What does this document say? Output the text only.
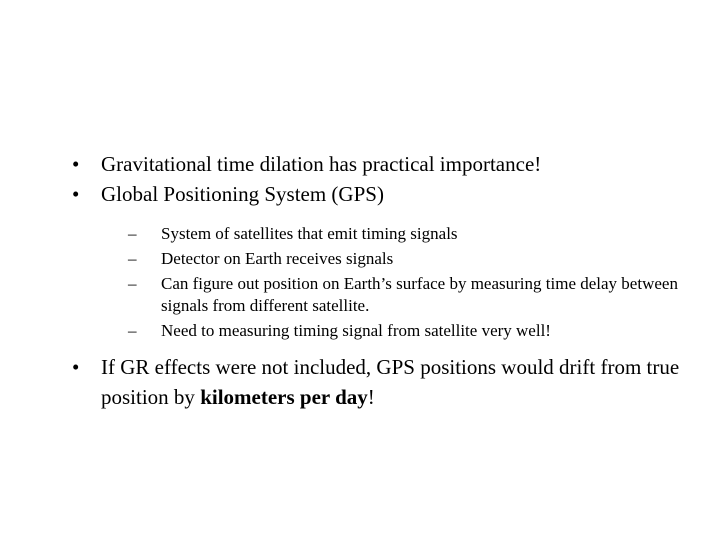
• Gravitational time dilation has practical importance!
• Global Positioning System (GPS)
– System of satellites that emit timing signals
– Detector on Earth receives signals
– Can figure out position on Earth’s surface by measuring time delay between signals from different satellite.
– Need to measuring timing signal from satellite very well!
• If GR effects were not included, GPS positions would drift from true position by kilometers per day!
